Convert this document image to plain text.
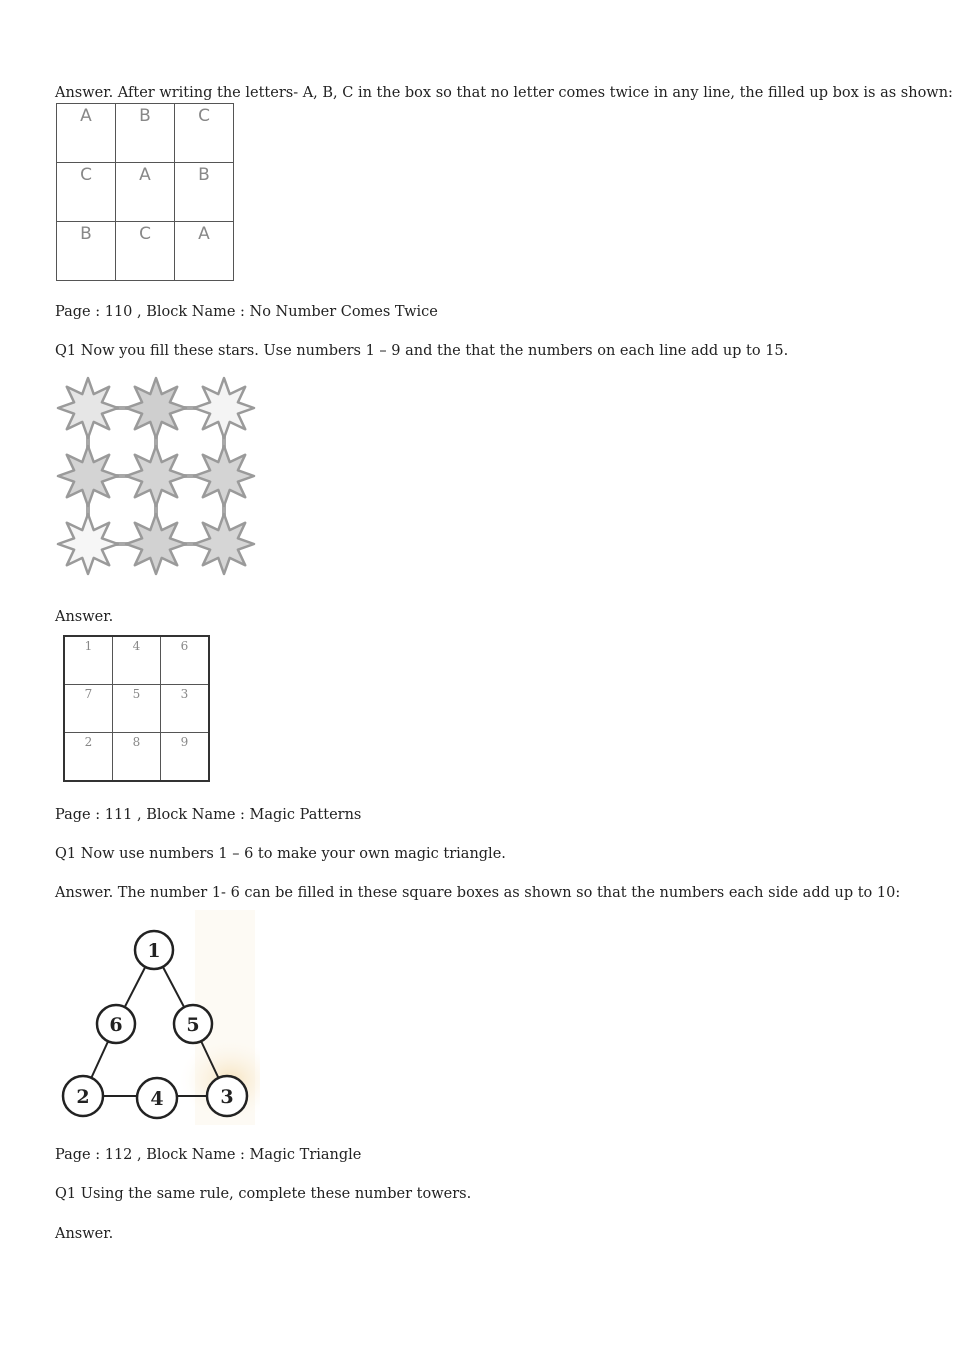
Answer. After writing the letters- A, B, C in the box so that no letter comes twice in any line, the filled up box is as shown:
A	B	C
C	A	B
B	C	A
Page : 110 , Block Name : No Number Comes Twice
Q1 Now you fill these stars. Use numbers 1 – 9 and the that the numbers on each line add up to 15.
Answer.
1	4	6
7	5	3
2	8	9
Page : 111 , Block Name : Magic Patterns
Q1 Now use numbers 1 – 6 to make your own magic triangle.
Answer. The number 1- 6 can be filled in these square boxes as shown so that the numbers each side add up to 10:
1
6	5
2	4	3
Page : 112 , Block Name : Magic Triangle
Q1 Using the same rule, complete these number towers.
Answer.
